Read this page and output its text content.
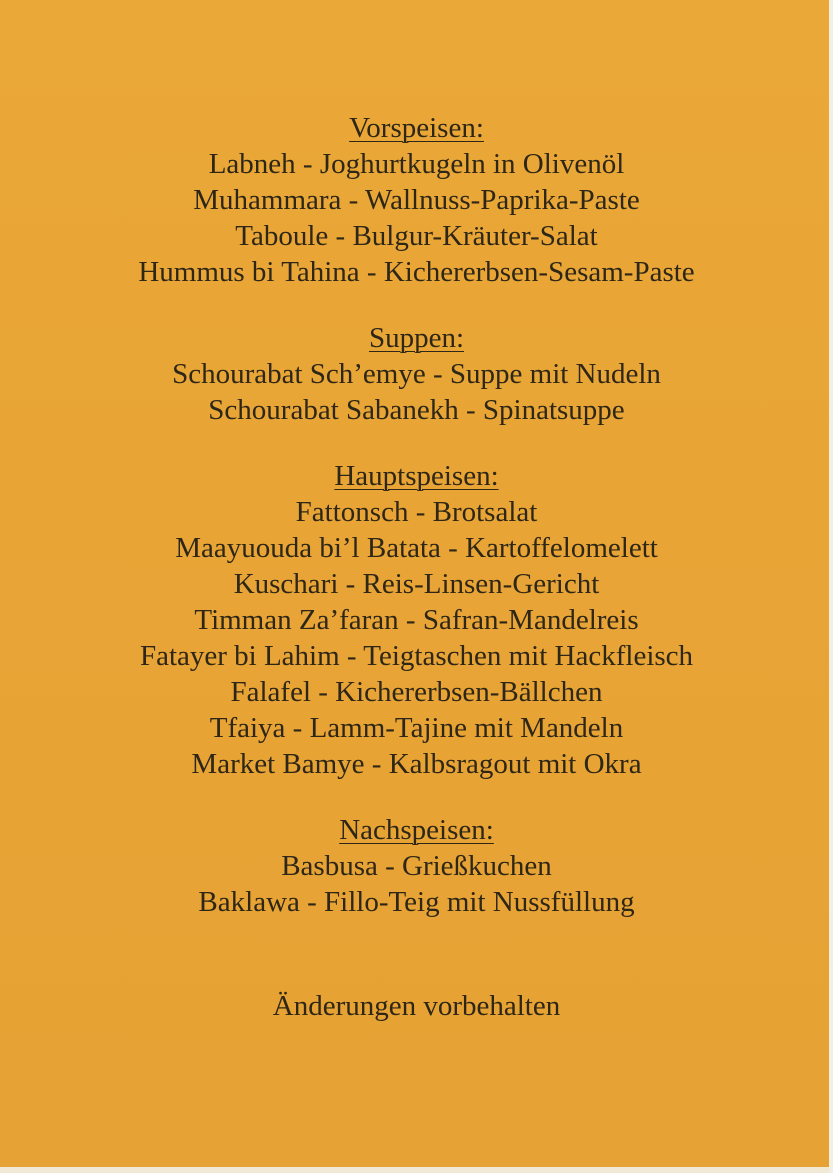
Vorspeisen:
Labneh - Joghurtkugeln in Olivenöl
Muhammara - Wallnuss-Paprika-Paste
Taboule - Bulgur-Kräuter-Salat
Hummus bi Tahina - Kichererbsen-Sesam-Paste
Suppen:
Schourabat Sch’emye - Suppe mit Nudeln
Schourabat Sabanekh - Spinatsuppe
Hauptspeisen:
Fattonsch - Brotsalat
Maayuouda bi’l Batata - Kartoffelomelett
Kuschari - Reis-Linsen-Gericht
Timman Za’faran - Safran-Mandelreis
Fatayer bi Lahim - Teigtaschen mit Hackfleisch
Falafel - Kichererbsen-Bällchen
Tfaiya - Lamm-Tajine mit Mandeln
Market Bamye - Kalbsragout mit Okra
Nachspeisen:
Basbusa - Grießkuchen
Baklawa - Fillo-Teig mit Nussfüllung
Änderungen vorbehalten
